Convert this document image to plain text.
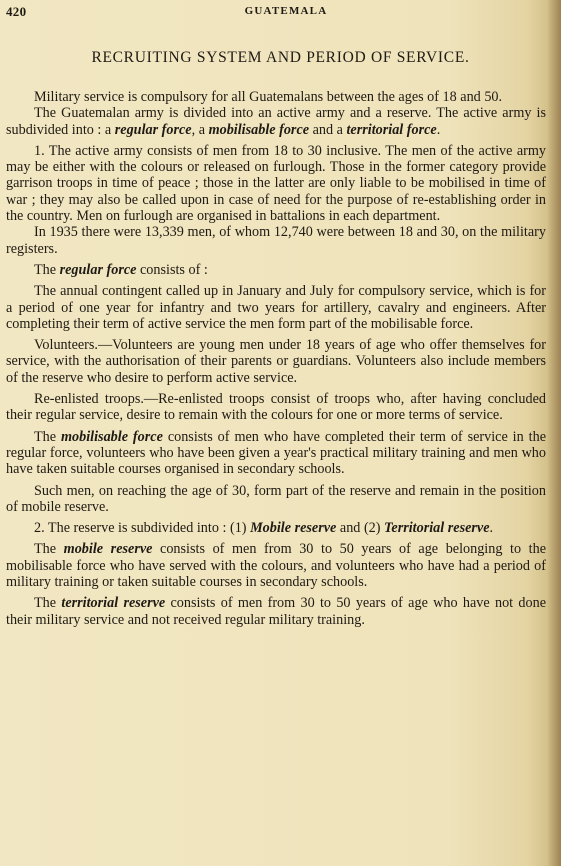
420	GUATEMALA
RECRUITING SYSTEM AND PERIOD OF SERVICE.

Military service is compulsory for all Guatemalans between the ages of 18 and 50.

The Guatemalan army is divided into an active army and a reserve. The active army is subdivided into : a regular force, a mobilisable force and a territorial force.

1. The active army consists of men from 18 to 30 inclusive. The men of the active army may be either with the colours or released on furlough. Those in the former category provide garrison troops in time of peace ; those in the latter are only liable to be mobilised in time of war ; they may also be called upon in case of need for the purpose of re-establishing order in the country. Men on furlough are organised in battalions in each department.

In 1935 there were 13,339 men, of whom 12,740 were between 18 and 30, on the military registers.

The regular force consists of :

The annual contingent called up in January and July for compulsory service, which is for a period of one year for infantry and two years for artillery, cavalry and engineers. After completing their term of active service the men form part of the mobilisable force.

Volunteers.—Volunteers are young men under 18 years of age who offer themselves for service, with the authorisation of their parents or guardians. Volunteers also include members of the reserve who desire to perform active service.

Re-enlisted troops.—Re-enlisted troops consist of troops who, after having concluded their regular service, desire to remain with the colours for one or more terms of service.

The mobilisable force consists of men who have completed their term of service in the regular force, volunteers who have been given a year's practical military training and men who have taken suitable courses organised in secondary schools.

Such men, on reaching the age of 30, form part of the reserve and remain in the position of mobile reserve.

2. The reserve is subdivided into : (1) Mobile reserve and (2) Territorial reserve.

The mobile reserve consists of men from 30 to 50 years of age belonging to the mobilisable force who have served with the colours, and volunteers who have had a period of military training or taken suitable courses in secondary schools.

The territorial reserve consists of men from 30 to 50 years of age who have not done their military service and not received regular military training.
